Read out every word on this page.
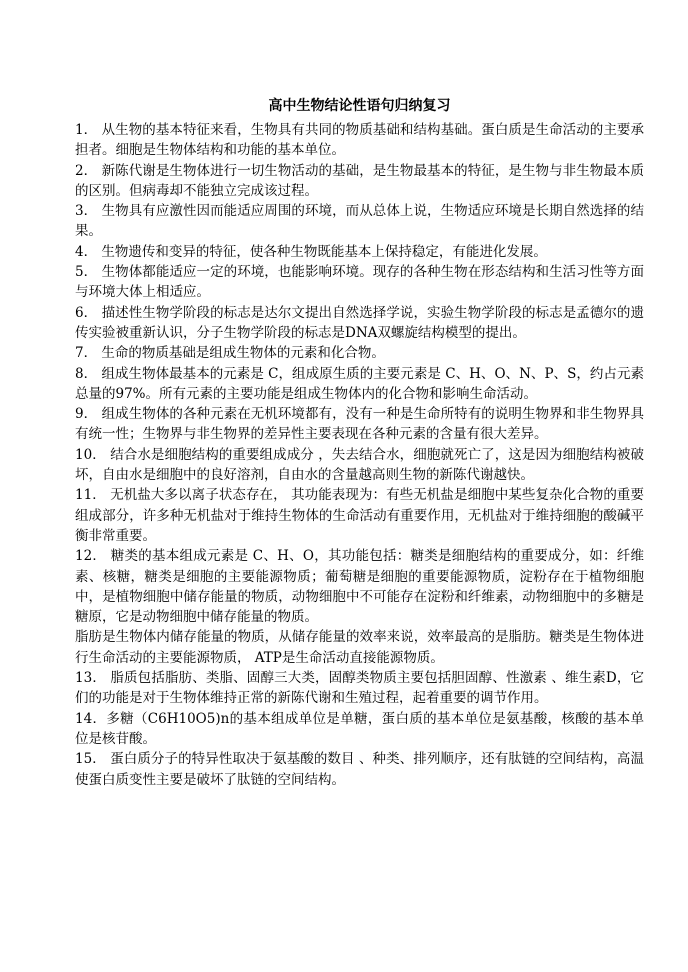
高中生物结论性语句归纳复习

1． 从生物的基本特征来看，生物具有共同的物质基础和结构基础。蛋白质是生命活动的主要承担者。细胞是生物体结构和功能的基本单位。

2． 新陈代谢是生物体进行一切生物活动的基础，是生物最基本的特征，是生物与非生物最本质的区别。但病毒却不能独立完成该过程。

3． 生物具有应激性因而能适应周围的环境，而从总体上说，生物适应环境是长期自然选择的结果。

4． 生物遗传和变异的特征，使各种生物既能基本上保持稳定，有能进化发展。

5． 生物体都能适应一定的环境，也能影响环境。现存的各种生物在形态结构和生活习性等方面与环境大体上相适应。

6． 描述性生物学阶段的标志是达尔文提出自然选择学说，实验生物学阶段的标志是孟德尔的遗传实验被重新认识，分子生物学阶段的标志是DNA双螺旋结构模型的提出。

7． 生命的物质基础是组成生物体的元素和化合物。

8． 组成生物体最基本的元素是 C，组成原生质的主要元素是 C、H、O、N、P、S，约占元素总量的97%。所有元素的主要功能是组成生物体内的化合物和影响生命活动。

9． 组成生物体的各种元素在无机环境都有，没有一种是生命所特有的说明生物界和非生物界具有统一性；生物界与非生物界的差异性主要表现在各种元素的含量有很大差异。

10． 结合水是细胞结构的重要组成成分 ，失去结合水，细胞就死亡了，这是因为细胞结构被破坏，自由水是细胞中的良好溶剂，自由水的含量越高则生物的新陈代谢越快。

11． 无机盐大多以离子状态存在， 其功能表现为：有些无机盐是细胞中某些复杂化合物的重要组成部分，许多种无机盐对于维持生物体的生命活动有重要作用，无机盐对于维持细胞的酸碱平衡非常重要。

12． 糖类的基本组成元素是 C、H、O，其功能包括：糖类是细胞结构的重要成分，如：纤维素、核糖，糖类是细胞的主要能源物质；葡萄糖是细胞的重要能源物质，淀粉存在于植物细胞中，是植物细胞中储存能量的物质，动物细胞中不可能存在淀粉和纤维素，动物细胞中的多糖是糖原，它是动物细胞中储存能量的物质。

脂肪是生物体内储存能量的物质，从储存能量的效率来说，效率最高的是脂肪。糖类是生物体进行生命活动的主要能源物质， ATP是生命活动直接能源物质。

13． 脂质包括脂肪、类脂、固醇三大类，固醇类物质主要包括胆固醇、性激素 、维生素D，它们的功能是对于生物体维持正常的新陈代谢和生殖过程，起着重要的调节作用。

14．多糖（C6H10O5)n的基本组成单位是单糖，蛋白质的基本单位是氨基酸，核酸的基本单位是核苷酸。

15． 蛋白质分子的特异性取决于氨基酸的数目 、种类、排列顺序，还有肽链的空间结构，高温使蛋白质变性主要是破坏了肽链的空间结构。
